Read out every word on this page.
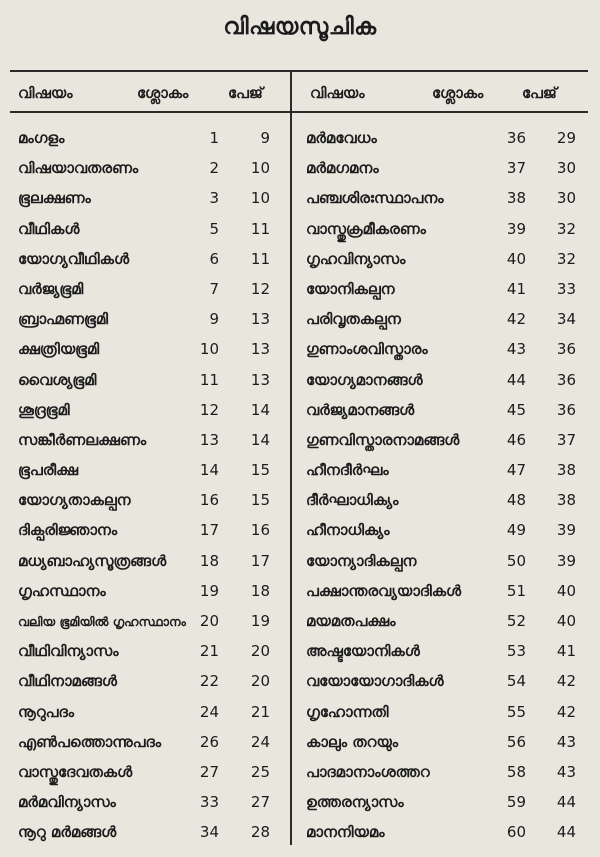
വിഷയസൂചിക
വിഷയം	ശ്ലോകം	പേജ്	വിഷയം	ശ്ലോകം	പേജ്
മംഗളം	1	9
വിഷയാവതരണം	2 10
ഭൂലക്ഷണം	3 10
വീഥികൾ	5 11
യോഗ്യവീഥികൾ	6 11
വർജ്യഭൂമി	7 12
ബ്രാഹ്മണഭൂമി	9 13
ക്ഷത്രിയഭൂമി	10 13
വൈശ്യഭൂമി	11 13
ശൂദ്രഭൂമി	12 14
സങ്കീർണലക്ഷണം	13 14
ഭൂപരീക്ഷ	14 15
യോഗ്യതാകല്പന	16 15
ദിക്പരിജ്ഞാനം	17 16
മധ്യബാഹ്യസൂത്രങ്ങൾ 18 17
ഗൃഹസ്ഥാനം	19 18
വലിയ ഭൂമിയിൽ ഗൃഹസ്ഥാനം 20 19
വീഥിവിന്യാസം	21 20
വീഥിനാമങ്ങൾ	22 20
നൂറുപദം	24 21
എൺപത്തൊന്നുപദം	26 24
വാസ്തുദേവതകൾ	27 25
മർമവിന്യാസം	33 27
നൂറു മർമങ്ങൾ	34 28
മർമവേധം	36 29
മർമഗമനം	37 30
പഞ്ചശിരഃസ്ഥാപനം	38 30
വാസ്തുക്രമീകരണം	39 32
ഗൃഹവിന്യാസം	40 32
യോനികല്പന	41 33
പരിവൃതകല്പന	42 34
ഗുണാംശവിസ്താരം	43 36
യോഗ്യമാനങ്ങൾ	44 36
വർജ്യമാനങ്ങൾ	45 36
ഗുണവിസ്താരനാമങ്ങൾ	46 37
ഹീനദീർഘം	47 38
ദീർഘാധിക്യം	48 38
ഹീനാധിക്യം	49 39
യോന്യാദികല്പന	50 39
പക്ഷാന്തരവ്യയാദികൾ	51 40
മയമതപക്ഷം	52 40
അഷ്ടയോനികൾ	53 41
വയോയോഗാദികൾ	54 42
ഗൃഹോന്നതി	55 42
കാലും തറയും	56 43
പാദമാനാംശത്തറ	58 43
ഉത്തരന്യാസം	59 44
മാനനിയമം	60 44
